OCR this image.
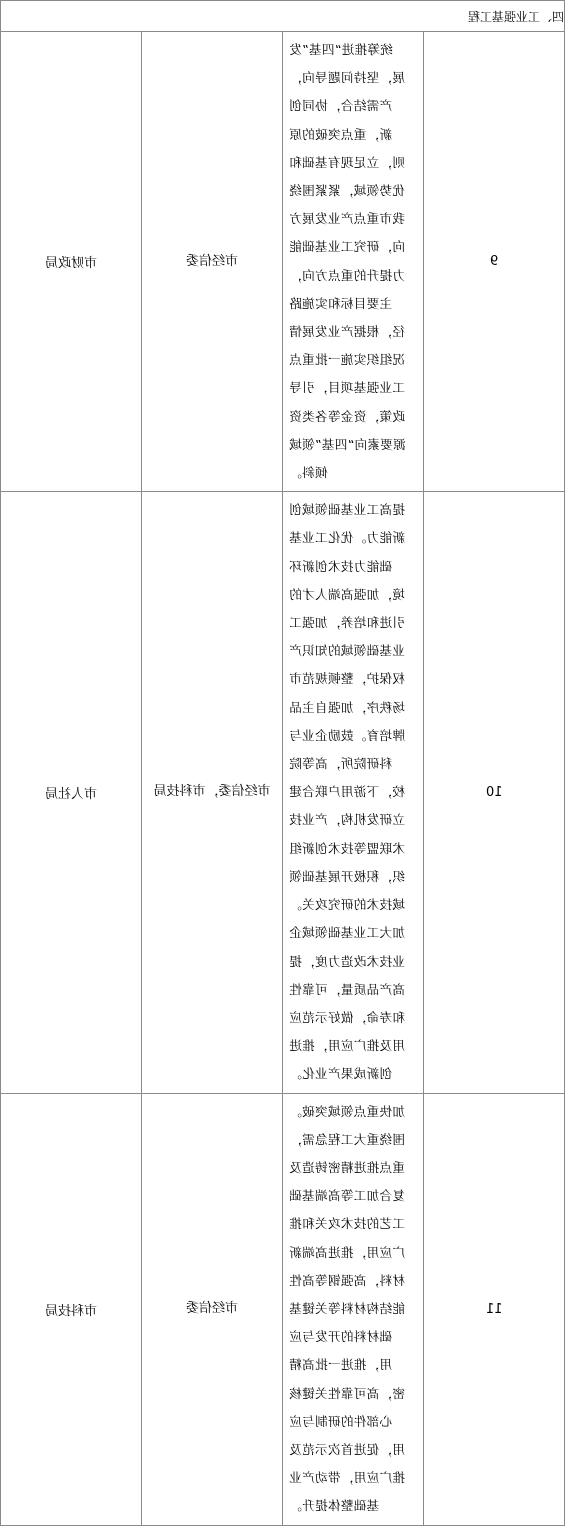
四、工业强基工程			
市财政局	市经信委	统筹推进“四基”发展，坚持问题导向，产需结合，协同创新，重点突破的原则，立足现有基础和优势领域，紧紧围绕我市重点产业发展方向，研究工业基础能力提升的重点方向，主要目标和实施路径，根据产业发展情况组织实施一批重点工业强基项目，引导政策，资金等各类资源要素向“四基”领域倾斜。	9
市人社局	市经信委，市科技局	提高工业基础领域创新能力。优化工业基础能力技术创新环境，加强高端人才的引进和培养，加强工业基础领域的知识产权保护，整顿规范市场秩序，加强自主品牌培育。鼓励企业与科研院所，高等院校，下游用户联合建立研发机构，产业技术联盟等技术创新组织，积极开展基础领域技术的研究攻关。加大工业基础领域企业技术改造力度，提高产品质量，可靠性和寿命，做好示范应用及推广应用，推进创新成果产业化。	10
市科技局	市经信委	加快重点领域突破。围绕重大工程急需，重点推进精密铸造及复合加工等高端基础工艺的技术攻关和推广应用，推进高端新材料，高强钢等高性能结构材料等关键基础材料的开发与应用，推进一批高精密，高可靠性关键核心部件的研制与应用，促进首次示范及推广应用，带动产业基础整体提升。	11
